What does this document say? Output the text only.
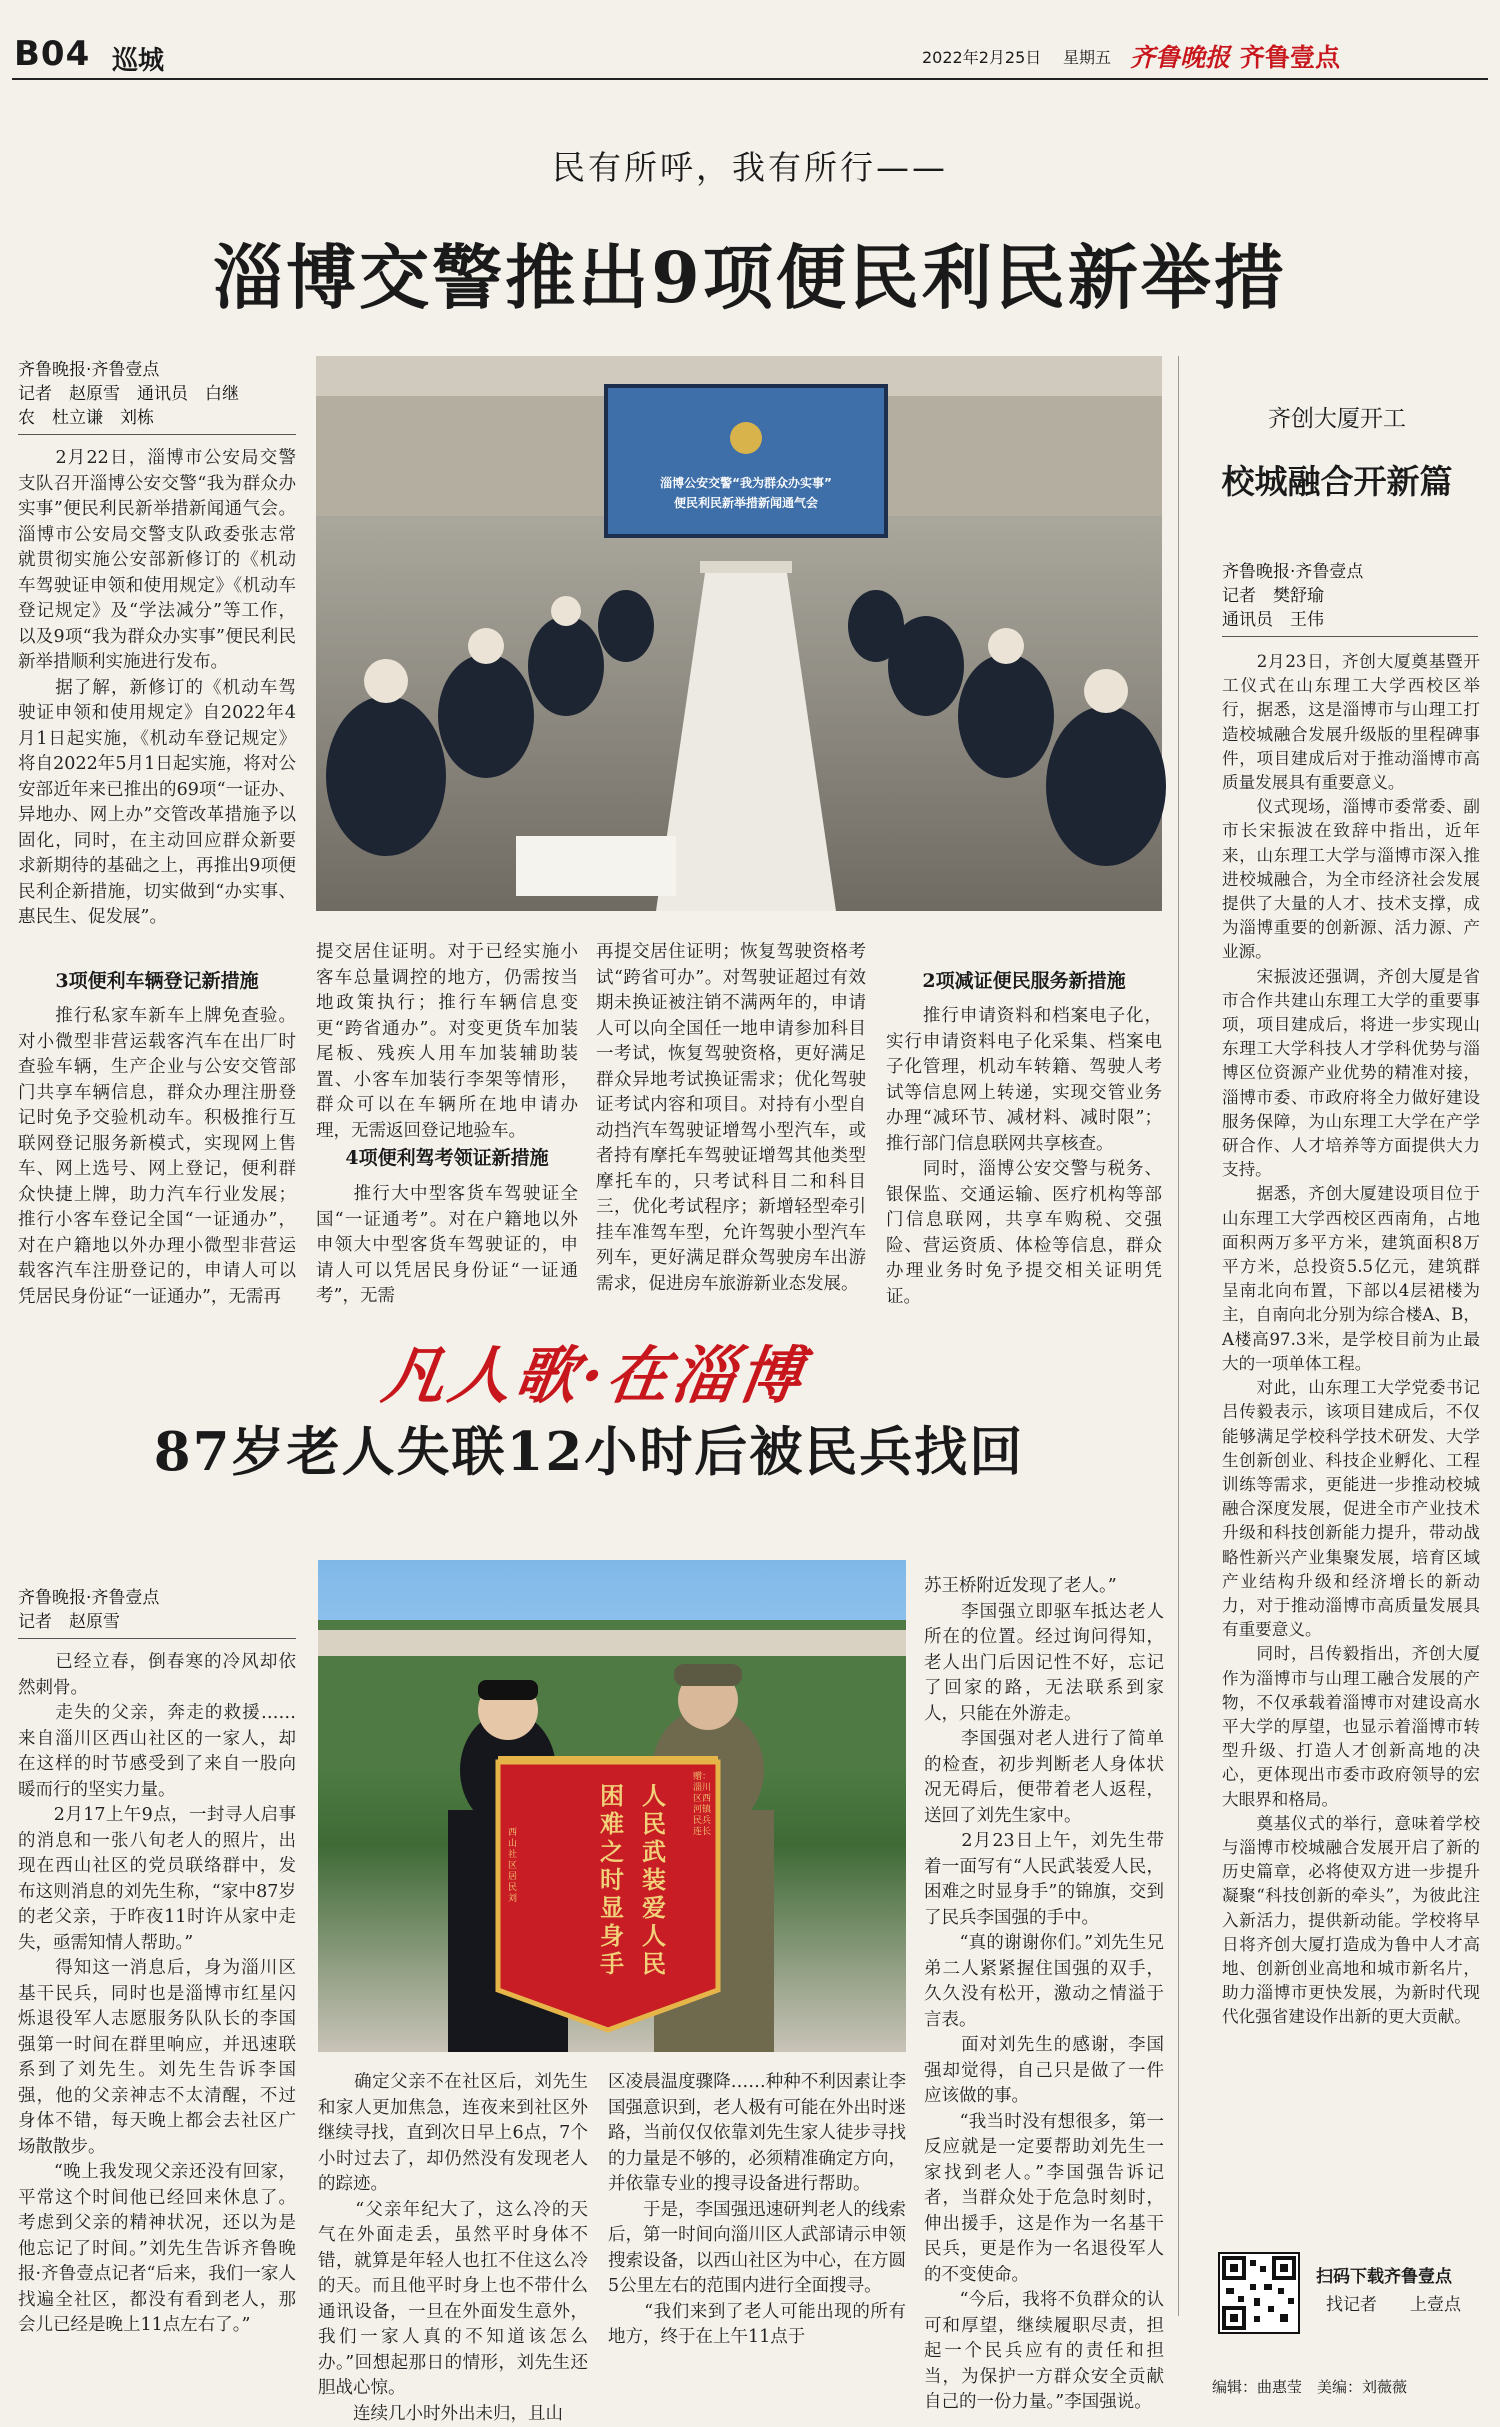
B04 巡城	2022年2月25日 星期五 齐鲁晚报 齐鲁壹点
民有所呼，我有所行——
淄博交警推出9项便民利民新举措
齐鲁晚报·齐鲁壹点
记者　赵原雪　通讯员　白继
农　杜立谦　刘栋
　　2月22日，淄博市公安局交警支队召开淄博公安交警“我为群众办实事”便民利民新举措新闻通气会。淄博市公安局交警支队政委张志常就贯彻实施公安部新修订的《机动车驾驶证申领和使用规定》《机动车登记规定》及“学法减分”等工作，以及9项“我为群众办实事”便民利民新举措顺利实施进行发布。
　　据了解，新修订的《机动车驾驶证申领和使用规定》自2022年4月1日起实施，《机动车登记规定》将自2022年5月1日起实施，将对公安部近年来已推出的69项“一证办、异地办、网上办”交管改革措施予以固化，同时，在主动回应群众新要求新期待的基础之上，再推出9项便民利企新措施，切实做到“办实事、惠民生、促发展”。
淄博公安交警“我为群众办实事”
便民利民新举措新闻通气会
3项便利车辆登记新措施
　　推行私家车新车上牌免查验。对小微型非营运载客汽车在出厂时查验车辆，生产企业与公安交管部门共享车辆信息，群众办理注册登记时免予交验机动车。积极推行互联网登记服务新模式，实现网上售车、网上选号、网上登记，便利群众快捷上牌，助力汽车行业发展；推行小客车登记全国“一证通办”，对在户籍地以外办理小微型非营运载客汽车注册登记的，申请人可以凭居民身份证“一证通办”，无需再
提交居住证明。对于已经实施小客车总量调控的地方，仍需按当地政策执行；推行车辆信息变更“跨省通办”。对变更货车加装尾板、残疾人用车加装辅助装置、小客车加装行李架等情形，群众可以在车辆所在地申请办理，无需返回登记地验车。
4项便利驾考领证新措施
　　推行大中型客货车驾驶证全国“一证通考”。对在户籍地以外申领大中型客货车驾驶证的，申请人可以凭居民身份证“一证通考”，无需
再提交居住证明；恢复驾驶资格考试“跨省可办”。对驾驶证超过有效期未换证被注销不满两年的，申请人可以向全国任一地申请参加科目一考试，恢复驾驶资格，更好满足群众异地考试换证需求；优化驾驶证考试内容和项目。对持有小型自动挡汽车驾驶证增驾小型汽车，或者持有摩托车驾驶证增驾其他类型摩托车的，只考试科目二和科目三，优化考试程序；新增轻型牵引挂车准驾车型，允许驾驶小型汽车列车，更好满足群众驾驶房车出游需求，促进房车旅游新业态发展。
2项减证便民服务新措施
　　推行申请资料和档案电子化，实行申请资料电子化采集、档案电子化管理，机动车转籍、驾驶人考试等信息网上转递，实现交管业务办理“减环节、减材料、减时限”；推行部门信息联网共享核查。
　　同时，淄博公安交警与税务、银保监、交通运输、医疗机构等部门信息联网，共享车购税、交强险、营运资质、体检等信息，群众办理业务时免予提交相关证明凭证。
齐创大厦开工
校城融合开新篇
齐鲁晚报·齐鲁壹点
记者　樊舒瑜
通讯员　王伟
　　2月23日，齐创大厦奠基暨开工仪式在山东理工大学西校区举行，据悉，这是淄博市与山理工打造校城融合发展升级版的里程碑事件，项目建成后对于推动淄博市高质量发展具有重要意义。
　　仪式现场，淄博市委常委、副市长宋振波在致辞中指出，近年来，山东理工大学与淄博市深入推进校城融合，为全市经济社会发展提供了大量的人才、技术支撑，成为淄博重要的创新源、活力源、产业源。
　　宋振波还强调，齐创大厦是省市合作共建山东理工大学的重要事项，项目建成后，将进一步实现山东理工大学科技人才学科优势与淄博区位资源产业优势的精准对接，淄博市委、市政府将全力做好建设服务保障，为山东理工大学在产学研合作、人才培养等方面提供大力支持。
　　据悉，齐创大厦建设项目位于山东理工大学西校区西南角，占地面积两万多平方米，建筑面积8万平方米，总投资5.5亿元，建筑群呈南北向布置，下部以4层裙楼为主，自南向北分别为综合楼A、B，A楼高97.3米，是学校目前为止最大的一项单体工程。
　　对此，山东理工大学党委书记吕传毅表示，该项目建成后，不仅能够满足学校科学技术研发、大学生创新创业、科技企业孵化、工程训练等需求，更能进一步推动校城融合深度发展，促进全市产业技术升级和科技创新能力提升，带动战略性新兴产业集聚发展，培育区域产业结构升级和经济增长的新动力，对于推动淄博市高质量发展具有重要意义。
　　同时，吕传毅指出，齐创大厦作为淄博市与山理工融合发展的产物，不仅承载着淄博市对建设高水平大学的厚望，也显示着淄博市转型升级、打造人才创新高地的决心，更体现出市委市政府领导的宏大眼界和格局。
　　奠基仪式的举行，意味着学校与淄博市校城融合发展开启了新的历史篇章，必将使双方进一步提升凝聚“科技创新的牵头”，为彼此注入新活力，提供新动能。学校将早日将齐创大厦打造成为鲁中人才高地、创新创业高地和城市新名片，助力淄博市更快发展，为新时代现代化强省建设作出新的更大贡献。
扫码下载齐鲁壹点
找记者 上壹点
编辑：曲惠莹　美编：刘薇薇
凡人歌·在淄博
87岁老人失联12小时后被民兵找回
齐鲁晚报·齐鲁壹点
记者　赵原雪
　　已经立春，倒春寒的冷风却依然刺骨。
　　走失的父亲，奔走的救援……来自淄川区西山社区的一家人，却在这样的时节感受到了来自一股向暖而行的坚实力量。
　　2月17上午9点，一封寻人启事的消息和一张八旬老人的照片，出现在西山社区的党员联络群中，发布这则消息的刘先生称，“家中87岁的老父亲，于昨夜11时许从家中走失，亟需知情人帮助。”
　　得知这一消息后，身为淄川区基干民兵，同时也是淄博市红星闪烁退役军人志愿服务队队长的李国强第一时间在群里响应，并迅速联系到了刘先生。刘先生告诉李国强，他的父亲神志不太清醒，不过身体不错，每天晚上都会去社区广场散散步。
　　“晚上我发现父亲还没有回家，平常这个时间他已经回来休息了。考虑到父亲的精神状况，还以为是他忘记了时间。”刘先生告诉齐鲁晚报·齐鲁壹点记者“后来，我们一家人找遍全社区，都没有看到老人，那会儿已经是晚上11点左右了。”
赠：淄川区西河镇民兵连长
人民武装爱人民
困难之时显身手
西山社区居民刘
　　确定父亲不在社区后，刘先生和家人更加焦急，连夜来到社区外继续寻找，直到次日早上6点，7个小时过去了，却仍然没有发现老人的踪迹。
　　“父亲年纪大了，这么冷的天气在外面走丢，虽然平时身体不错，就算是年轻人也扛不住这么冷的天。而且他平时身上也不带什么通讯设备，一旦在外面发生意外，我们一家人真的不知道该怎么办。”回想起那日的情形，刘先生还胆战心惊。
　　连续几小时外出未归，且山
区凌晨温度骤降……种种不利因素让李国强意识到，老人极有可能在外出时迷路，当前仅仅依靠刘先生家人徒步寻找的力量是不够的，必须精准确定方向，并依靠专业的搜寻设备进行帮助。
　　于是，李国强迅速研判老人的线索后，第一时间向淄川区人武部请示申领搜索设备，以西山社区为中心，在方圆5公里左右的范围内进行全面搜寻。
　　“我们来到了老人可能出现的所有地方，终于在上午11点于
苏王桥附近发现了老人。”
　　李国强立即驱车抵达老人所在的位置。经过询问得知，老人出门后因记性不好，忘记了回家的路，无法联系到家人，只能在外游走。
　　李国强对老人进行了简单的检查，初步判断老人身体状况无碍后，便带着老人返程，送回了刘先生家中。
　　2月23日上午，刘先生带着一面写有“人民武装爱人民，困难之时显身手”的锦旗，交到了民兵李国强的手中。
　　“真的谢谢你们。”刘先生兄弟二人紧紧握住国强的双手，久久没有松开，激动之情溢于言表。
　　面对刘先生的感谢，李国强却觉得，自己只是做了一件应该做的事。
　　“我当时没有想很多，第一反应就是一定要帮助刘先生一家找到老人。”李国强告诉记者，当群众处于危急时刻时，伸出援手，这是作为一名基干民兵，更是作为一名退役军人的不变使命。
　　“今后，我将不负群众的认可和厚望，继续履职尽责，担起一个民兵应有的责任和担当，为保护一方群众安全贡献自己的一份力量。”李国强说。
